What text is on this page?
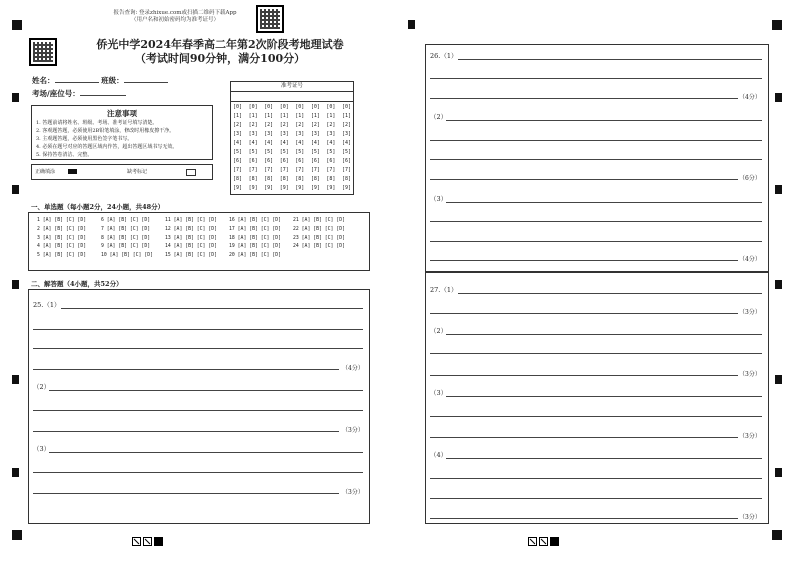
报告查询: 登录zhixue.com或扫描二维码下载App
（用户名和初始密码均为准考证号）
侨光中学2024年春季高二年第2次阶段考地理试卷
（考试时间90分钟，满分100分）
姓名：	班级：
考场/座位号：
准考证号
[0]
[1]
[2]
[3]
[4]
[5]
[6]
[7]
[8]
[9]
[0]
[1]
[2]
[3]
[4]
[5]
[6]
[7]
[8]
[9]
[0]
[1]
[2]
[3]
[4]
[5]
[6]
[7]
[8]
[9]
[0]
[1]
[2]
[3]
[4]
[5]
[6]
[7]
[8]
[9]
[0]
[1]
[2]
[3]
[4]
[5]
[6]
[7]
[8]
[9]
[0]
[1]
[2]
[3]
[4]
[5]
[6]
[7]
[8]
[9]
[0]
[1]
[2]
[3]
[4]
[5]
[6]
[7]
[8]
[9]
[0]
[1]
[2]
[3]
[4]
[5]
[6]
[7]
[8]
[9]
注意事项
1. 答题前请将姓名、班级、考场、准考证号填写清楚。
2. 客观题答题，必须使用2B铅笔填涂，修改时用橡皮擦干净。
3. 主观题答题，必须使用黑色签字笔书写。
4. 必须在题号对应的答题区域内作答，超出答题区域书写无效。
5. 保持答卷清洁、完整。
正确填涂	缺考标记
一、单选题（每小题2分，24小题，共48分）
1 [A] [B] [C] [D]
2 [A] [B] [C] [D]
3 [A] [B] [C] [D]
4 [A] [B] [C] [D]
5 [A] [B] [C] [D]
6 [A] [B] [C] [D]
7 [A] [B] [C] [D]
8 [A] [B] [C] [D]
9 [A] [B] [C] [D]
10 [A] [B] [C] [D]
11 [A] [B] [C] [D]
12 [A] [B] [C] [D]
13 [A] [B] [C] [D]
14 [A] [B] [C] [D]
15 [A] [B] [C] [D]
16 [A] [B] [C] [D]
17 [A] [B] [C] [D]
18 [A] [B] [C] [D]
19 [A] [B] [C] [D]
20 [A] [B] [C] [D]
21 [A] [B] [C] [D]
22 [A] [B] [C] [D]
23 [A] [B] [C] [D]
24 [A] [B] [C] [D]
二、解答题（4小题，共52分）
25.（1）
（4分）
（2）
（3分）
（3）
（3分）
26.（1）
（4分）
（2）
（6分）
（3）
（4分）
27.（1）
（3分）
（2）
（3分）
（3）
（3分）
（4）
（3分）
